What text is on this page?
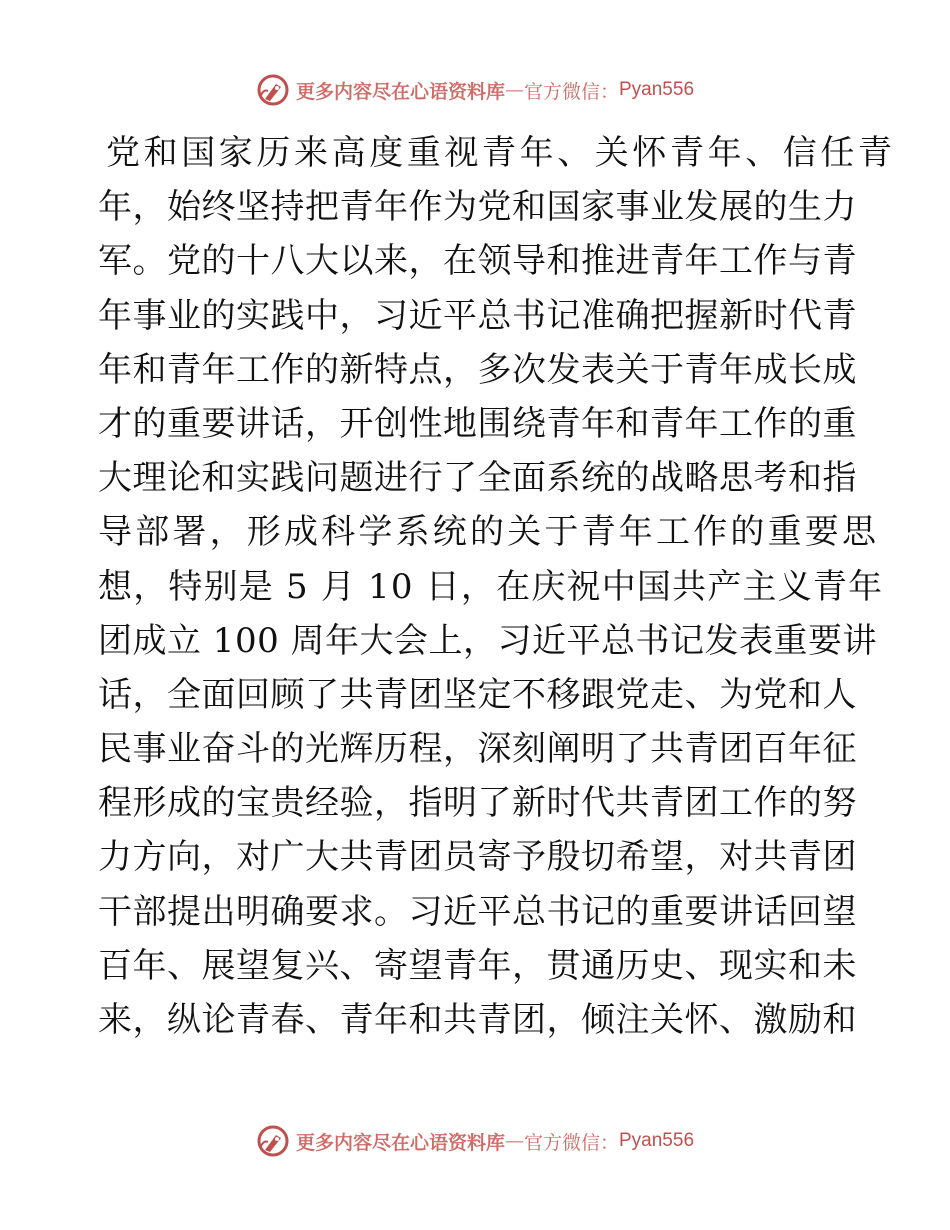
更多内容尽在心语资料库 — 官方微信： Pyan556
党和国家历来高度重视青年、关怀青年、信任青
年，始终坚持把青年作为党和国家事业发展的生力
军。党的十八大以来，在领导和推进青年工作与青
年事业的实践中，习近平总书记准确把握新时代青
年和青年工作的新特点，多次发表关于青年成长成
才的重要讲话，开创性地围绕青年和青年工作的重
大理论和实践问题进行了全面系统的战略思考和指
导部署，形成科学系统的关于青年工作的重要思
想，特别是 5 月 10 日，在庆祝中国共产主义青年
团成立 100 周年大会上，习近平总书记发表重要讲
话，全面回顾了共青团坚定不移跟党走、为党和人
民事业奋斗的光辉历程，深刻阐明了共青团百年征
程形成的宝贵经验，指明了新时代共青团工作的努
力方向，对广大共青团员寄予殷切希望，对共青团
干部提出明确要求。习近平总书记的重要讲话回望
百年、展望复兴、寄望青年，贯通历史、现实和未
来，纵论青春、青年和共青团，倾注关怀、激励和
更多内容尽在心语资料库 — 官方微信： Pyan556
